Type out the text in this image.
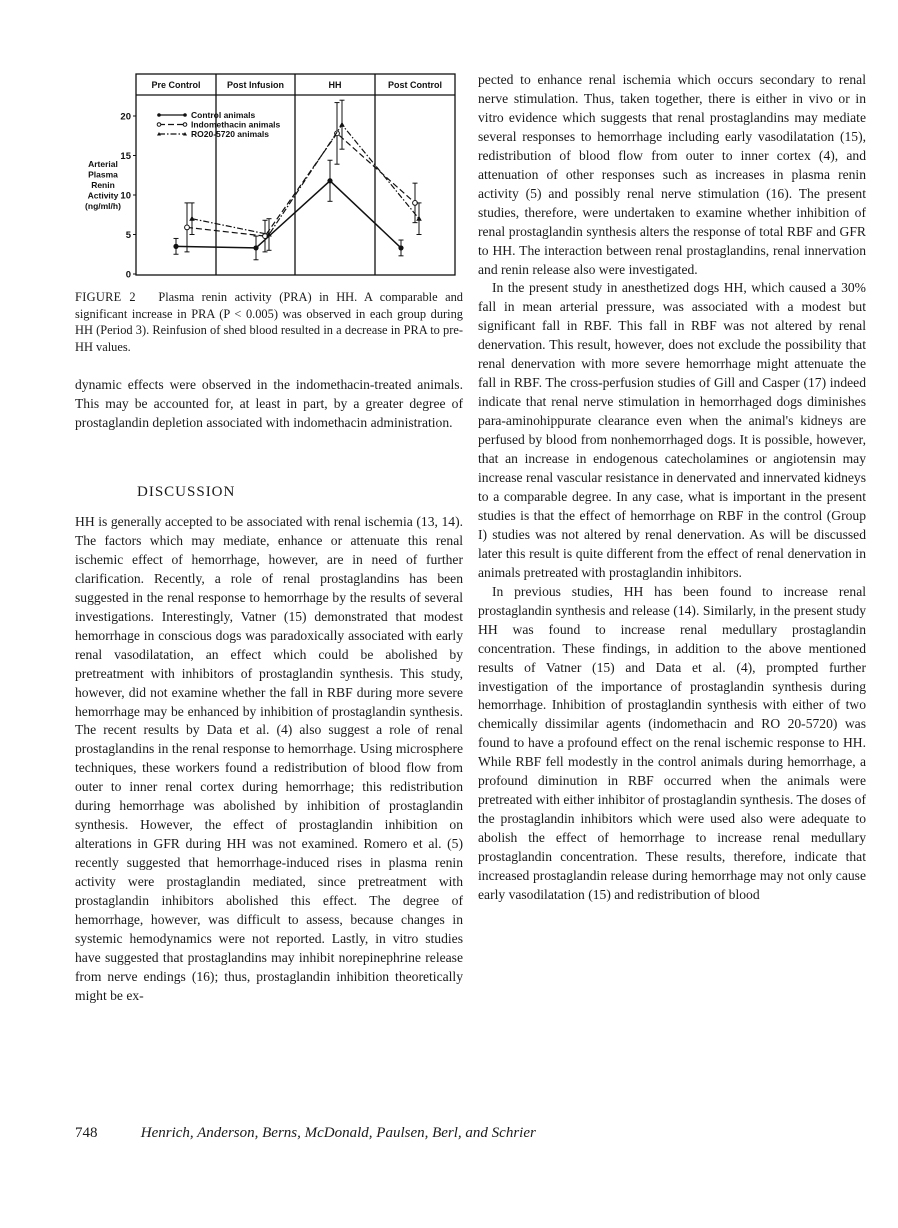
Pre Control	Post Infusion	HH	Post Control
0
5
10
15
20
Arterial
Plasma
Renin
Activity
(ng/ml/h)
Control animals
Indomethacin animals
RO20-5720 animals
FIGURE 2 Plasma renin activity (PRA) in HH. A comparable and significant increase in PRA (P < 0.005) was observed in each group during HH (Period 3). Reinfusion of shed blood resulted in a decrease in PRA to pre-HH values.

dynamic effects were observed in the indomethacin-treated animals. This may be accounted for, at least in part, by a greater degree of prostaglandin depletion associated with indomethacin administration.

DISCUSSION

HH is generally accepted to be associated with renal ischemia (13, 14). The factors which may mediate, enhance or attenuate this renal ischemic effect of hemorrhage, however, are in need of further clarification. Recently, a role of renal prostaglandins has been suggested in the renal response to hemorrhage by the results of several investigations. Interestingly, Vatner (15) demonstrated that modest hemorrhage in conscious dogs was paradoxically associated with early renal vasodilatation, an effect which could be abolished by pretreatment with inhibitors of prostaglandin synthesis. This study, however, did not examine whether the fall in RBF during more severe hemorrhage may be enhanced by inhibition of prostaglandin synthesis. The recent results by Data et al. (4) also suggest a role of renal prostaglandins in the renal response to hemorrhage. Using microsphere techniques, these workers found a redistribution of blood flow from outer to inner renal cortex during hemorrhage; this redistribution during hemorrhage was abolished by inhibition of prostaglandin synthesis. However, the effect of prostaglandin inhibition on alterations in GFR during HH was not examined. Romero et al. (5) recently suggested that hemorrhage-induced rises in plasma renin activity were prostaglandin mediated, since pretreatment with prostaglandin inhibitors abolished this effect. The degree of hemorrhage, however, was difficult to assess, because changes in systemic hemodynamics were not reported. Lastly, in vitro studies have suggested that prostaglandins may inhibit norepinephrine release from nerve endings (16); thus, prostaglandin inhibition theoretically might be ex-

pected to enhance renal ischemia which occurs secondary to renal nerve stimulation. Thus, taken together, there is either in vivo or in vitro evidence which suggests that renal prostaglandins may mediate several responses to hemorrhage including early vasodilatation (15), redistribution of blood flow from outer to inner cortex (4), and attenuation of other responses such as increases in plasma renin activity (5) and possibly renal nerve stimulation (16). The present studies, therefore, were undertaken to examine whether inhibition of renal prostaglandin synthesis alters the response of total RBF and GFR to HH. The interaction between renal prostaglandins, renal innervation and renin release also were investigated.

In the present study in anesthetized dogs HH, which caused a 30% fall in mean arterial pressure, was associated with a modest but significant fall in RBF. This fall in RBF was not altered by renal denervation. This result, however, does not exclude the possibility that renal denervation with more severe hemorrhage might attenuate the fall in RBF. The cross-perfusion studies of Gill and Casper (17) indeed indicate that renal nerve stimulation in hemorrhaged dogs diminishes para-aminohippurate clearance even when the animal's kidneys are perfused by blood from nonhemorrhaged dogs. It is possible, however, that an increase in endogenous catecholamines or angiotensin may increase renal vascular resistance in denervated and innervated kidneys to a comparable degree. In any case, what is important in the present studies is that the effect of hemorrhage on RBF in the control (Group I) studies was not altered by renal denervation. As will be discussed later this result is quite different from the effect of renal denervation in animals pretreated with prostaglandin inhibitors.

In previous studies, HH has been found to increase renal prostaglandin synthesis and release (14). Similarly, in the present study HH was found to increase renal medullary prostaglandin concentration. These findings, in addition to the above mentioned results of Vatner (15) and Data et al. (4), prompted further investigation of the importance of prostaglandin synthesis during hemorrhage. Inhibition of prostaglandin synthesis with either of two chemically dissimilar agents (indomethacin and RO 20-5720) was found to have a profound effect on the renal ischemic response to HH. While RBF fell modestly in the control animals during hemorrhage, a profound diminution in RBF occurred when the animals were pretreated with either inhibitor of prostaglandin synthesis. The doses of the prostaglandin inhibitors which were used also were adequate to abolish the effect of hemorrhage to increase renal medullary prostaglandin concentration. These results, therefore, indicate that increased prostaglandin release during hemorrhage may not only cause early vasodilatation (15) and redistribution of blood

748	Henrich, Anderson, Berns, McDonald, Paulsen, Berl, and Schrier
